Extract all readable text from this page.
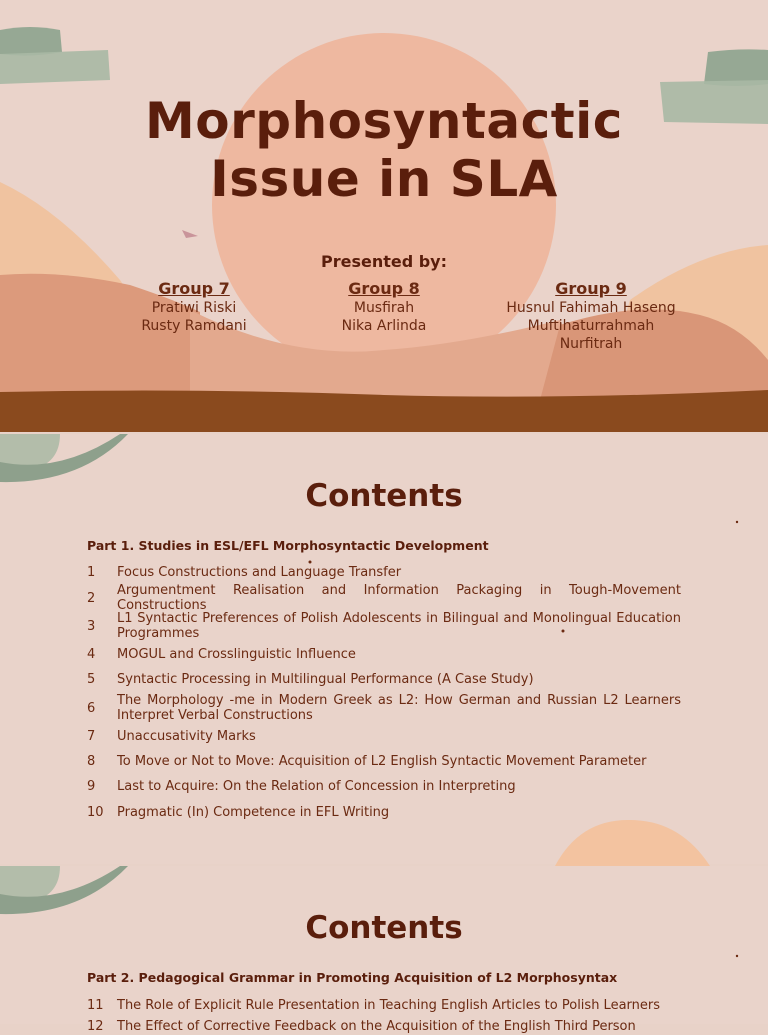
Morphosyntactic
Issue in SLA
Presented by:
Group 7
Pratiwi Riski
Rusty Ramdani
Group 8
Musfirah
Nika Arlinda
Group 9
Husnul Fahimah Haseng
Muftihaturrahmah
Nurfitrah
Contents
Part 1. Studies in ESL/EFL Morphosyntactic Development
1	Focus Constructions and Language Transfer
2	Argumentment Realisation and Information Packaging in Tough-Movement Constructions
3	L1 Syntactic Preferences of Polish Adolescents in Bilingual and Monolingual Education Programmes
4	MOGUL and Crosslinguistic Influence
5	Syntactic Processing in Multilingual Performance (A Case Study)
6	The Morphology -me in Modern Greek as L2: How German and Russian L2 Learners Interpret Verbal Constructions
7	Unaccusativity Marks
8	To Move or Not to Move: Acquisition of L2 English Syntactic Movement Parameter
9	Last to Acquire: On the Relation of Concession in Interpreting
10	Pragmatic (In) Competence in EFL Writing
Contents
Part 2. Pedagogical Grammar in Promoting Acquisition of L2 Morphosyntax
11	The Role of Explicit Rule Presentation in Teaching English Articles to Polish Learners
12	The Effect of Corrective Feedback on the Acquisition of the English Third Person
